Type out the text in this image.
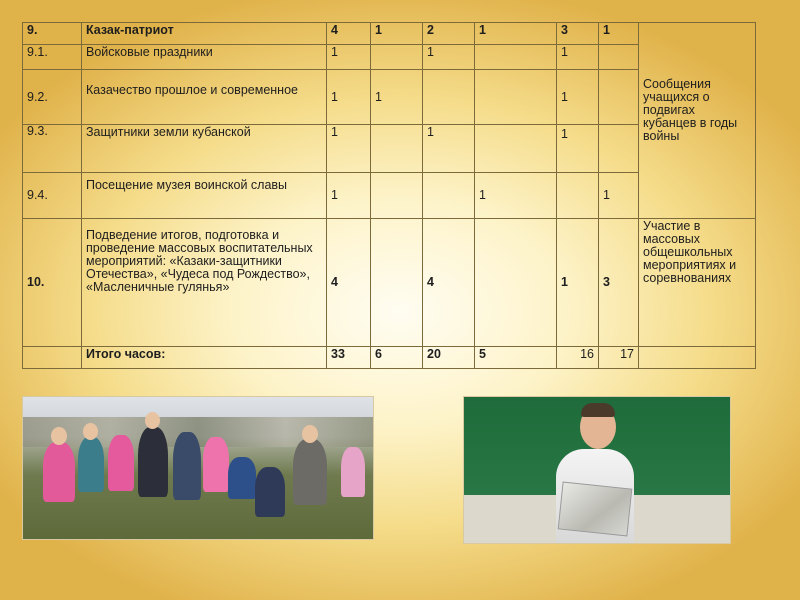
9.	Казак-патриот	4	1	2	1	3	1	Сообщения учащихся о подвигах кубанцев в годы войны
9.1.	Войсковые праздники	1		1		1		
9.2.	Казачество прошлое и современное	1	1			1		
9.3.	Защитники земли кубанской	1		1		1		
9.4.	Посещение музея воинской славы	1			1		1	
10.	Подведение итогов, подготовка и проведение массовых воспитательных мероприятий: «Казаки-защитники Отечества», «Чудеса под Рождество», «Масленичные гулянья»	4		4		1	3	Участие в массовых общешкольных мероприятиях и соревнованиях
	Итого часов:	33	6	20	5	16	17	
